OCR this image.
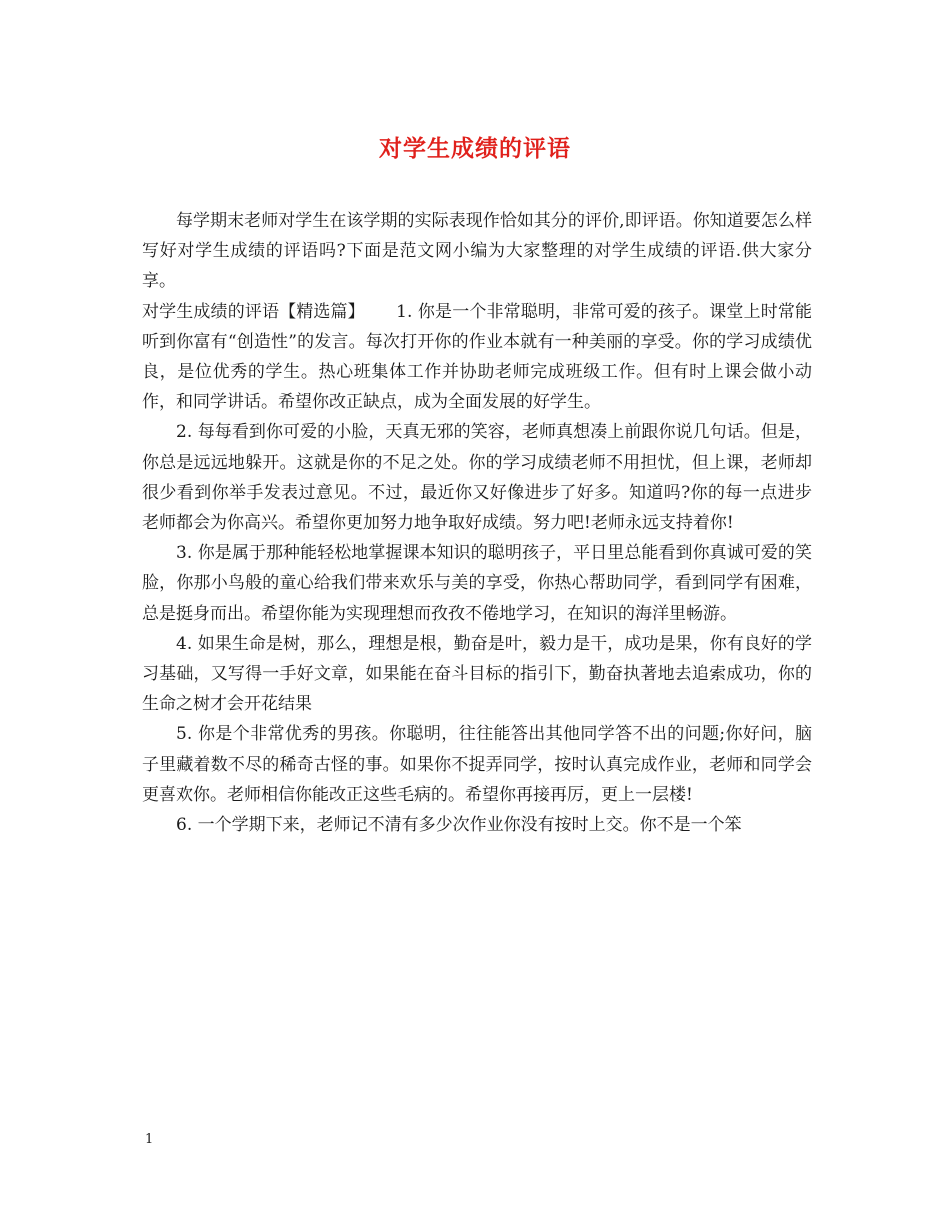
对学生成绩的评语

每学期末老师对学生在该学期的实际表现作恰如其分的评价,即评语。你知道要怎么样写好对学生成绩的评语吗?下面是范文网小编为大家整理的对学生成绩的评语.供大家分享。

对学生成绩的评语【精选篇】　　 1. 你是一个非常聪明，非常可爱的孩子。课堂上时常能听到你富有“创造性”的发言。每次打开你的作业本就有一种美丽的享受。你的学习成绩优良，是位优秀的学生。热心班集体工作并协助老师完成班级工作。但有时上课会做小动作，和同学讲话。希望你改正缺点，成为全面发展的好学生。

2. 每每看到你可爱的小脸，天真无邪的笑容，老师真想凑上前跟你说几句话。但是，你总是远远地躲开。这就是你的不足之处。你的学习成绩老师不用担忧，但上课，老师却很少看到你举手发表过意见。不过，最近你又好像进步了好多。知道吗?你的每一点进步老师都会为你高兴。希望你更加努力地争取好成绩。努力吧!老师永远支持着你!

3. 你是属于那种能轻松地掌握课本知识的聪明孩子，平日里总能看到你真诚可爱的笑脸，你那小鸟般的童心给我们带来欢乐与美的享受，你热心帮助同学，看到同学有困难，总是挺身而出。希望你能为实现理想而孜孜不倦地学习，在知识的海洋里畅游。

4. 如果生命是树，那么，理想是根，勤奋是叶，毅力是干，成功是果，你有良好的学习基础，又写得一手好文章，如果能在奋斗目标的指引下，勤奋执著地去追索成功，你的生命之树才会开花结果

5. 你是个非常优秀的男孩。你聪明，往往能答出其他同学答不出的问题;你好问，脑子里藏着数不尽的稀奇古怪的事。如果你不捉弄同学，按时认真完成作业，老师和同学会更喜欢你。老师相信你能改正这些毛病的。希望你再接再厉，更上一层楼!

6. 一个学期下来，老师记不清有多少次作业你没有按时上交。你不是一个笨

1
